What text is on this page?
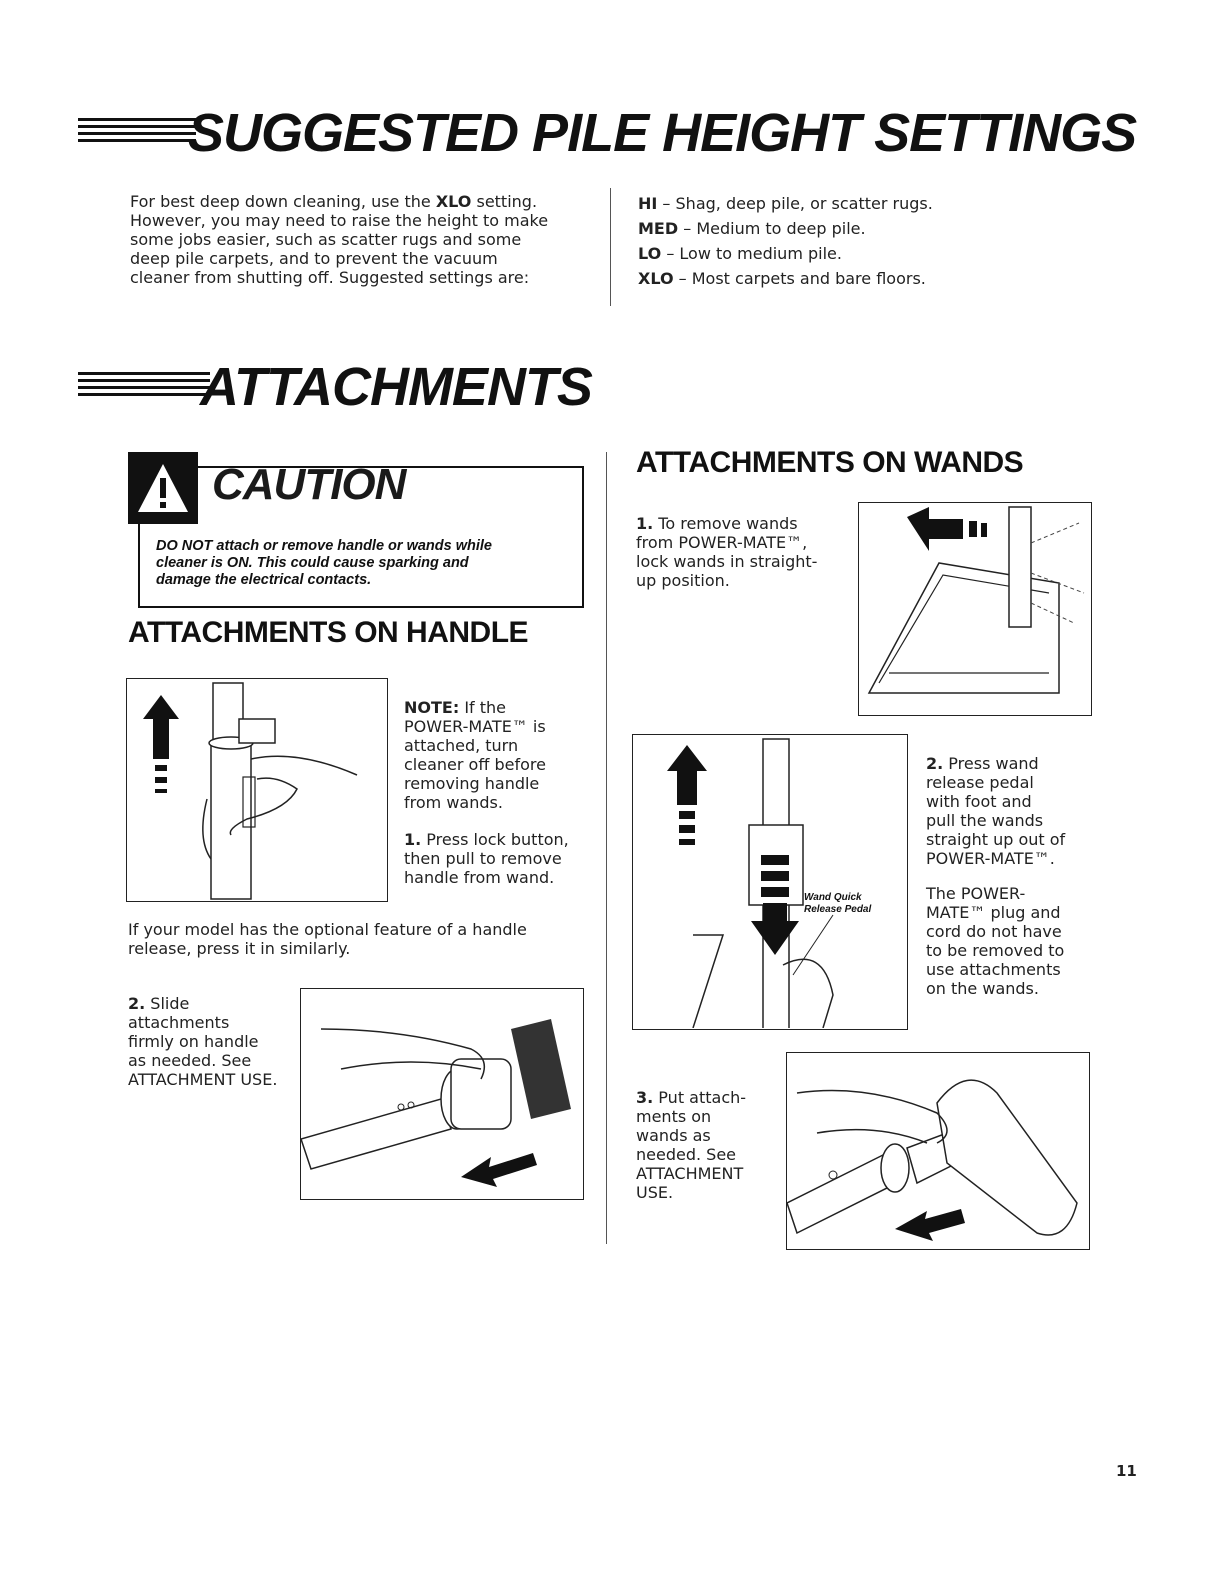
SUGGESTED PILE HEIGHT SETTINGS
For best deep down cleaning, use the XLO setting.
However, you may need to raise the height to make
some jobs easier, such as scatter rugs and some
deep pile carpets, and to prevent the vacuum
cleaner from shutting off. Suggested settings are:
HI – Shag, deep pile, or scatter rugs.
MED – Medium to deep pile.
LO – Low to medium pile.
XLO – Most carpets and bare floors.
ATTACHMENTS
CAUTION
DO NOT attach or remove handle or wands while
cleaner is ON. This could cause sparking and
damage the electrical contacts.
ATTACHMENTS ON HANDLE
NOTE: If the
POWER-MATE™ is
attached, turn
cleaner off before
removing handle
from wands.
1. Press lock button,
then pull to remove
handle from wand.
If your model has the optional feature of a handle
release, press it in similarly.
2. Slide
attachments
firmly on handle
as needed. See
ATTACHMENT USE.
ATTACHMENTS ON WANDS
1. To remove wands
from POWER-MATE™,
lock wands in straight-
up position.
Wand Quick
Release Pedal
2. Press wand
release pedal
with foot and
pull the wands
straight up out of
POWER-MATE™.
The POWER-
MATE™ plug and
cord do not have
to be removed to
use attachments
on the wands.
3. Put attach-
ments on
wands as
needed. See
ATTACHMENT
USE.
11
